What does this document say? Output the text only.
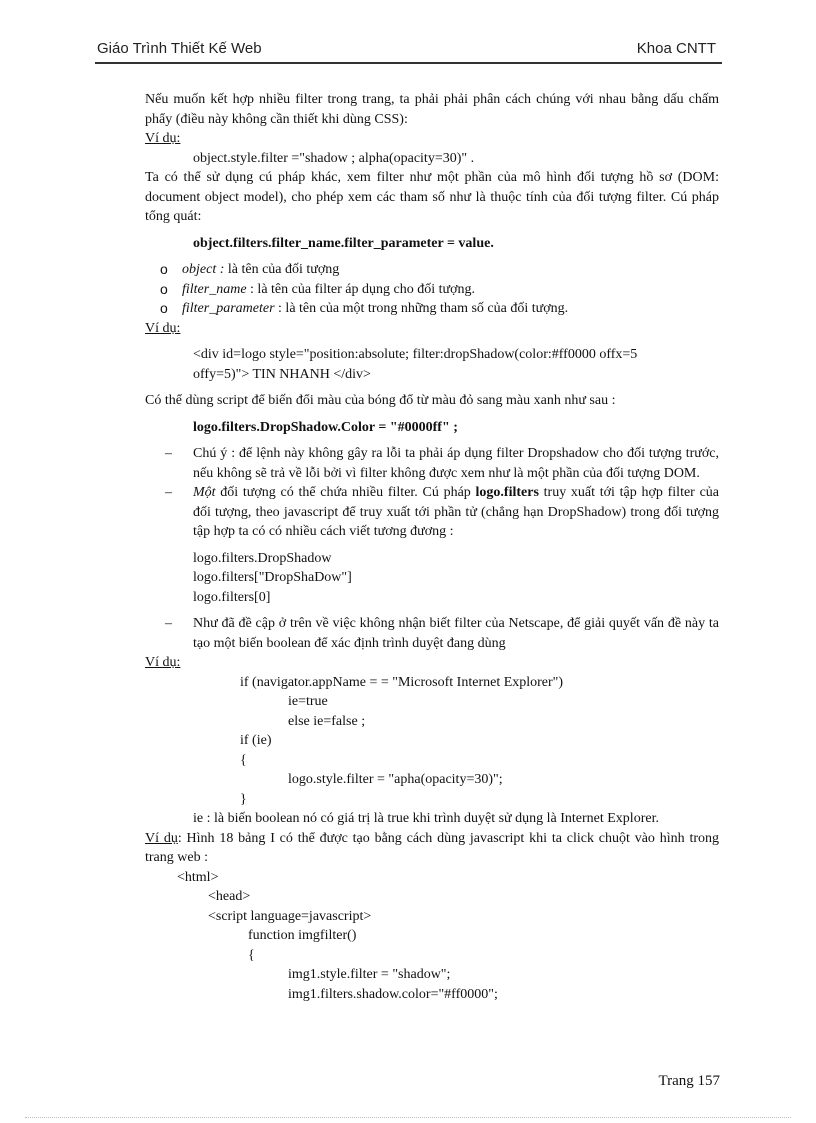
Giáo Trình Thiết Kế Web	Khoa CNTT

Nếu muốn kết hợp nhiều filter trong trang, ta phải phải phân cách chúng với nhau bằng dấu chấm phẩy (điều này không cần thiết khi dùng CSS):

Ví dụ:

object.style.filter ="shadow ; alpha(opacity=30)" .

Ta có thể sử dụng cú pháp khác, xem filter như một phần của mô hình đối tượng hồ sơ (DOM: document object model), cho phép xem các tham số như là thuộc tính của đối tượng filter. Cú pháp tổng quát:

object.filters.filter_name.filter_parameter = value.

o object : là tên của đối tượng

o filter_name : là tên của filter áp dụng cho đối tượng.

o filter_parameter : là tên của một trong những tham số của đối tượng.

Ví dụ:

<div id=logo style="position:absolute; filter:dropShadow(color:#ff0000 offx=5

offy=5)"> TIN NHANH </div>

Có thể dùng script để biến đổi màu của bóng đổ từ màu đỏ sang màu xanh như sau :

logo.filters.DropShadow.Color = "#0000ff" ;

– Chú ý : để lệnh này không gây ra lỗi ta phải áp dụng filter Dropshadow cho đối tượng trước, nếu không sẽ trả về lỗi bởi vì filter không được xem như là một phần của đối tượng DOM.

– Một đối tượng có thể chứa nhiều filter. Cú pháp logo.filters truy xuất tới tập hợp filter của đối tượng, theo javascript để truy xuất tới phần tử (chẳng hạn DropShadow) trong đối tượng tập hợp ta có có nhiều cách viết tương đương :

logo.filters.DropShadow

logo.filters["DropShaDow"]

logo.filters[0]

– Như đã đề cập ở trên về việc không nhận biết filter của Netscape, để giải quyết vấn đề này ta tạo một biến boolean để xác định trình duyệt đang dùng

Ví dụ:

if (navigator.appName = = "Microsoft Internet Explorer")

ie=true

else ie=false ;

if (ie)

{

logo.style.filter = "apha(opacity=30)";

}

ie : là biến boolean nó có giá trị là true khi trình duyệt sử dụng là Internet Explorer.

Ví dụ: Hình 18 bảng I có thể được tạo bằng cách dùng javascript khi ta click chuột vào hình trong trang web :

<html>

<head>

<script language=javascript>

function imgfilter()

{

img1.style.filter = "shadow";

img1.filters.shadow.color="#ff0000";

Trang 157
